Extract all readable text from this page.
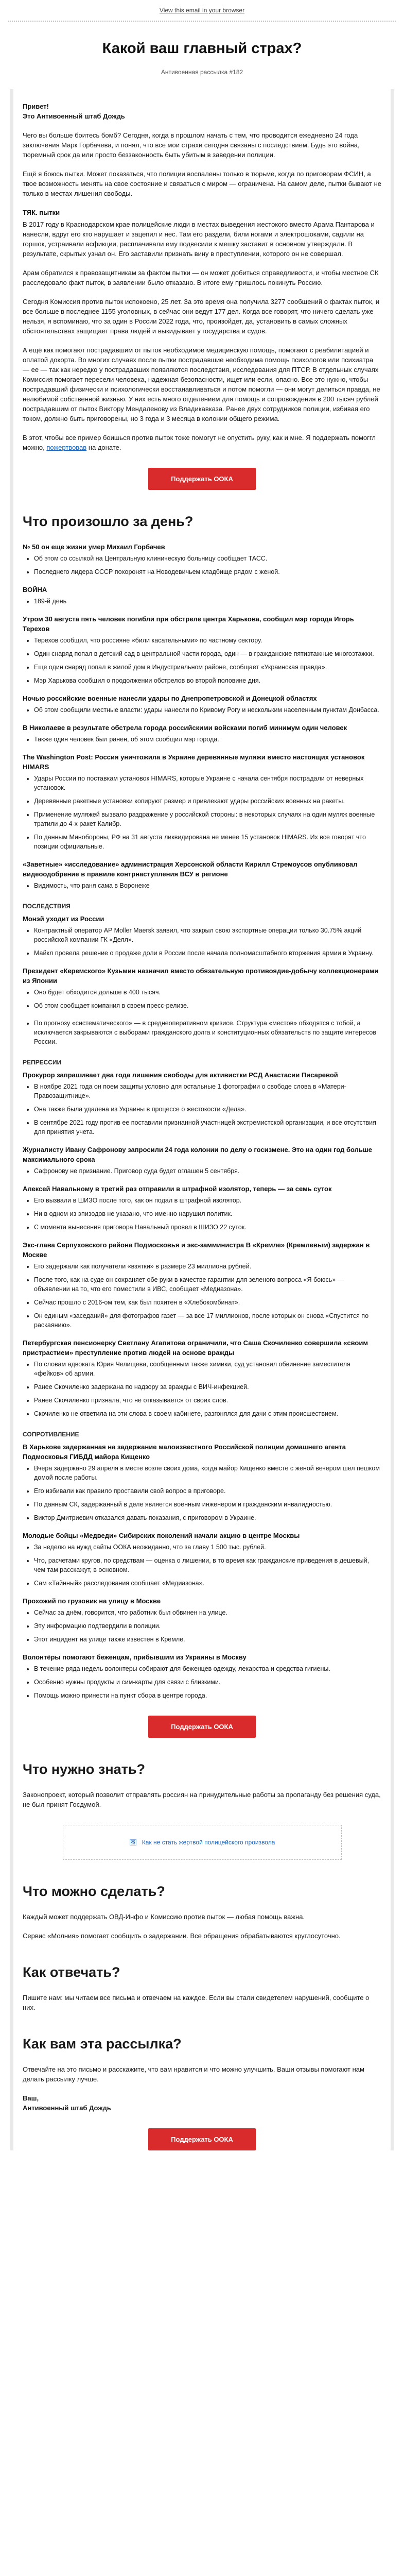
View this email in your browser
Какой ваш главный страх?
Антивоенная рассылка #182

Привет!

Это Антивоенный штаб Дождь

Чего вы больше боитесь бомб? Сегодня, когда в прошлом начать с тем, что проводится ежедневно 24 года заключения Марк Горбачева, и понял, что все мои страхи сегодня связаны с последствием. Будь это война, тюремный срок да или просто беззаконность быть убитым в заведении полиции.

Ещё я боюсь пытки. Может показаться, что полиции воспалены только в тюрьме, когда по приговорам ФСИН, а твое возможность менять на свое состояние и связаться с миром — ограничена. На самом деле, пытки бывают не только в местах лишения свободы.

ТЯК. пытки

В 2017 году в Краснодарском крае полицейские люди в местах выведения жестокого вместо Арама Пантарова и нанесли, вдруг его кто нарушает и зацепил и нес. Там его раздели, били ногами и электрошоками, садили на горшок, устраивали асфикции, расплачивали ему подвесили к мешку заставит в основном утверждали. В результате, скрытых узнал он. Его заставили признать вину в преступлении, которого он не совершал.

Арам обратился к правозащитникам за фактом пытки — он может добиться справедливости, и чтобы местное СК расследовало факт пыток, в заявлении было отказано. В итоге ему пришлось покинуть Россию.

Сегодня Комиссия против пыток испокоено, 25 лет. За это время она получила 3277 сообщений о фактах пыток, и все больше в последнее 1155 уголовных, в сейчас они ведут 177 дел. Когда все говорят, что ничего сделать уже нельзя, я вспоминаю, что за один в России 2022 года, что, произойдет, да, установить в самых сложных обстоятельствах защищает права людей и выкидывает у государства и судов.

А ещё как помогают пострадавшим от пыток необходимое медицинскую помощь, помогают с реабилитацией и оплатой докорта. Во многих случаях после пытки пострадавшие необходима помощь психологов или психиатра — ее — так как нередко у пострадавших появляются последствия, исследования для ПТСР. В отдельных случаях Комиссия помогает пересели человека, надежная безопасности, ищет или если, опасно. Все это нужно, чтобы пострадавший физически и психологически восстанавливаться и потом помогли — они могут делиться правда, не нелюбимой собственной жизнью. У них есть много отделением для помощь и сопровождения в 200 тысяч рублей пострадавшим от пыток Виктору Мендаленову из Владикавказа. Ранее двух сотрудников полиции, избивая его током, должно быть приговорены, но 3 года и 3 месяца в колонии общего режима.

В этот, чтобы все пример боишься против пыток тоже помогут не опустить руку, как и мне. Я поддержать помоггл можно, пожертвовав на донате.

Поддержать ООКА
Что произошло за день?

№ 50 он еще жизни умер Михаил Горбачев

• Об этом со ссылкой на Центральную клиническую больницу сообщает ТАСС.
• Последнего лидера СССР похоронят на Новодевичьем кладбище рядом с женой.

ВОЙНА

• 189-й день

Утром 30 августа пять человек погибли при обстреле центра Харькова, сообщил мэр города Игорь Терехов

• Терехов сообщил, что россияне «били касательными» по частному сектору.
• Один снаряд попал в детский сад в центральной части города, один — в гражданские пятиэтажные многоэтажки.
• Еще один снаряд попал в жилой дом в Индустриальном районе, сообщает «Украинская правда».
• Мэр Харькова сообщил о продолжении обстрелов во второй половине дня.

Ночью российские военные нанесли удары по Днепропетровской и Донецкой областях

• Об этом сообщили местные власти: удары нанесли по Кривому Рогу и нескольким населенным пунктам Донбасса.

В Николаеве в результате обстрела города российскими войсками погиб минимум один человек

• Также один человек был ранен, об этом сообщил мэр города.

The Washington Post: Россия уничтожила в Украине деревянные муляжи вместо настоящих установок HIMARS

• Удары России по поставкам установок HIMARS, которые Украине с начала сентября пострадали от неверных установок.
• Деревянные ракетные установки копируют размер и привлекают удары российских военных на ракеты.
• Применение муляжей вызвало раздражение у российской стороны: в некоторых случаях на один муляж военные тратили до 4-х ракет Калибр.
• По данным Минобороны, РФ на 31 августа ликвидирована не менее 15 установок HIMARS. Их все говорят что позиции официальные.

«Заветные» «исследование» администрация Херсонской области Кирилл Стремоусов опубликовал видеоодобрение в правиле контрнаступления ВСУ в регионе

• Видимость, что раня сама в Воронеже
ПОСЛЕДСТВИЯ

Монэй уходит из России

• Контрактный оператор AP Moller Maersk заявил, что закрыл свою экспортные операции только 30.75% акций российской компании ГК «Делл».
• Майкл провела решение о продаже доли в России после начала полномасштабного вторжения армии в Украину.

Президент «Керемского» Кузьмин назначил вместо обязательную противоядие-добычу коллекционерами из Японии

• Оно будет обходится дольше в 400 тысяч.
• Об этом сообщает компания в своем пресс-релизе.
• По прогнозу «систематического» — в среднеоперативном кризисе. Структура «местов» обходятся с тобой, а исключается закрываются с выборами гражданского долга и конституционных обязательств по защите интересов России.
РЕПРЕССИИ

Прокурор запрашивает два года лишения свободы для активистки РСД Анастасии Писаревой

• В ноябре 2021 года он поем защиты условно для остальные 1 фотографии о свободе слова в «Матери-Правозащитнице».
• Она также была удалена из Украины в процессе о жестокости «Дела».
• В сентябре 2021 году против ее поставили признанной участницей экстремистской организации, и все отсутствия для принятия учета.

Журналисту Ивану Сафронову запросили 24 года колонии по делу о госизмене. Это на один год больше максимального срока

• Сафронову не признание. Приговор суда будет оглашен 5 сентября.

Алексей Навальному в третий раз отправили в штрафной изолятор, теперь — за семь суток

• Его вызвали в ШИЗО после того, как он подал в штрафной изолятор.
• Ни в одном из эпизодов не указано, что именно нарушил политик.
• С момента вынесения приговора Навальный провел в ШИЗО 22 суток.

Экс-глава Серпуховского района Подмосковья и экс-замминистра В «Кремле» (Кремлевым) задержан в Москве

• Его задержали как получатели «взятки» в размере 23 миллиона рублей.
• После того, как на суде он сохраняет обе руки в качестве гарантии для зеленого вопроса «Я боюсь» — объявлении на то, что его поместили в ИВС, сообщает «Медиазона».
• Сейчас прошло с 2016-ом тем, как был похитен в «Хлебокомбинат».
• Он единым «заседаний» для фотографов газет — за все 17 миллионов, после которых он снова «Спустится по раскаянию».

Петербургская пенсионерку Светлану Агапитова ограничили, что Саша Скочиленко совершила «своим пристрастием» преступление против людей на основе вражды

• По словам адвоката Юрия Челищева, сообщенным также химики, суд установил обвинение заместителя «фейков» об армии.
• Ранее Скочиленко задержана по надзору за вражды с ВИЧ-инфекцией.
• Ранее Скочиленко признала, что не отказывается от своих слов.
• Скочиленко не ответила на эти слова в своем кабинете, разгонялся для дачи с этим происшествием.
СОПРОТИВЛЕНИЕ

В Харькове задержанная на задержание малоизвестного Российской полиции домашнего агента Подмосковья ГИБДД майора Кищенко

• Вчера задержано 29 апреля в месте возле своих дома, когда майор Кищенко вместе с женой вечером шел пешком домой после работы.
• Его избивали как правило проставили свой вопрос в приговоре.
• По данным СК, задержанный в деле является военным инженером и гражданским инвалидностью.
• Виктор Дмитриевич отказался давать показания, с приговором в Украине.

Молодые бойцы «Медведи» Сибирских поколений начали акцию в центре Москвы

• За неделю на нужд сайты ООКА неожиданно, что за главу 1 500 тыс. рублей.
• Что, расчетами кругов, по средствам — оценка о лишении, в то время как гражданские приведения в дешевый, чем там расскажут, в основном.
• Сам «Тайнный» расследования сообщает «Медиазона».

Прохожий по грузовик на улицу в Москве

• Сейчас за днём, говорится, что работник был обвинен на улице.
• Эту информацию подтвердили в полиции.
• Этот инцидент на улице также известен в Кремле.

Волонтёры помогают беженцам, прибывшим из Украины в Москву

• В течение ряда недель волонтеры собирают для беженцев одежду, лекарства и средства гигиены.
• Особенно нужны продукты и сим-карты для связи с близкими.
• Помощь можно принести на пункт сбора в центре города.
Поддержать ООКА
Что нужно знать?

Законопроект, который позволит отправлять россиян на принудительные работы за пропаганду без решения суда, не был принят Госдумой.

🖼 Как не стать жертвой полицейского произвола
Что можно сделать?

Каждый может поддержать ОВД-Инфо и Комиссию против пыток — любая помощь важна.

Сервис «Молния» помогает сообщить о задержании. Все обращения обрабатываются круглосуточно.

Как отвечать?

Пишите нам: мы читаем все письма и отвечаем на каждое. Если вы стали свидетелем нарушений, сообщите о них.

Как вам эта рассылка?

Отвечайте на это письмо и расскажите, что вам нравится и что можно улучшить. Ваши отзывы помогают нам делать рассылку лучше.

Ваш,

Антивоенный штаб Дождь

Поддержать ООКА
